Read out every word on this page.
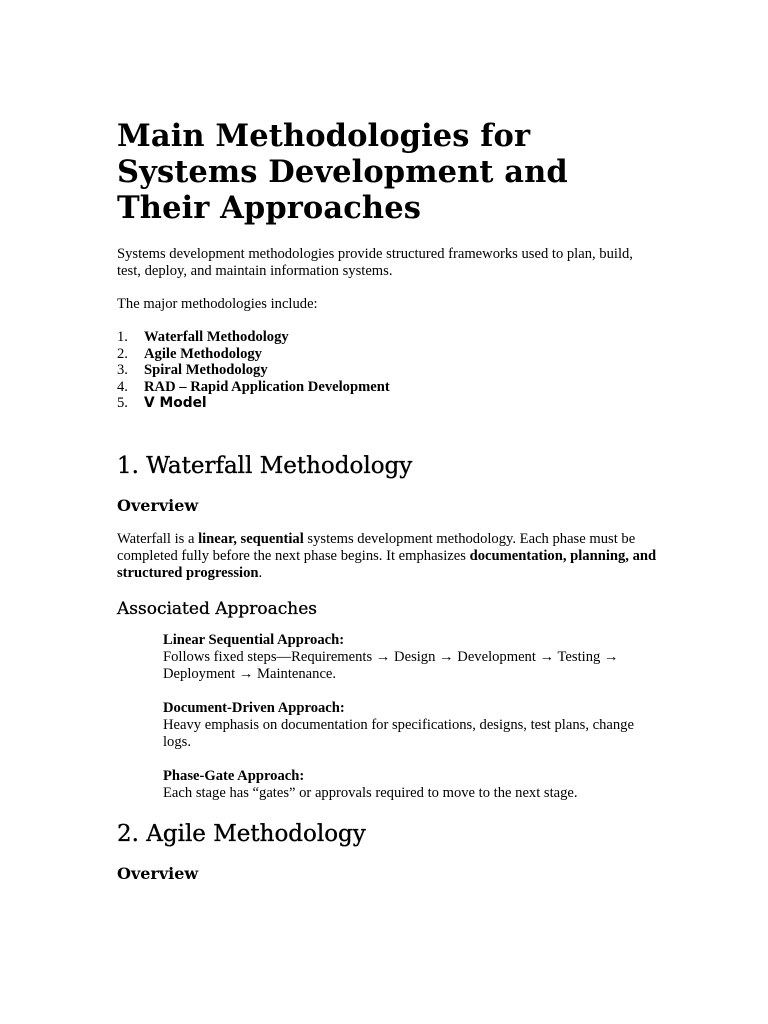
Main Methodologies for Systems Development and Their Approaches

Systems development methodologies provide structured frameworks used to plan, build, test, deploy, and maintain information systems.

The major methodologies include:

1.	Waterfall Methodology
2.	Agile Methodology
3.	Spiral Methodology
4.	RAD – Rapid Application Development
5.	V Model
1. Waterfall Methodology
Overview

Waterfall is a linear, sequential systems development methodology. Each phase must be completed fully before the next phase begins. It emphasizes documentation, planning, and structured progression.

Associated Approaches
Linear Sequential Approach:
Follows fixed steps—Requirements → Design → Development → Testing → Deployment → Maintenance.
Document-Driven Approach:
Heavy emphasis on documentation for specifications, designs, test plans, change logs.
Phase-Gate Approach:
Each stage has “gates” or approvals required to move to the next stage.
2. Agile Methodology
Overview
